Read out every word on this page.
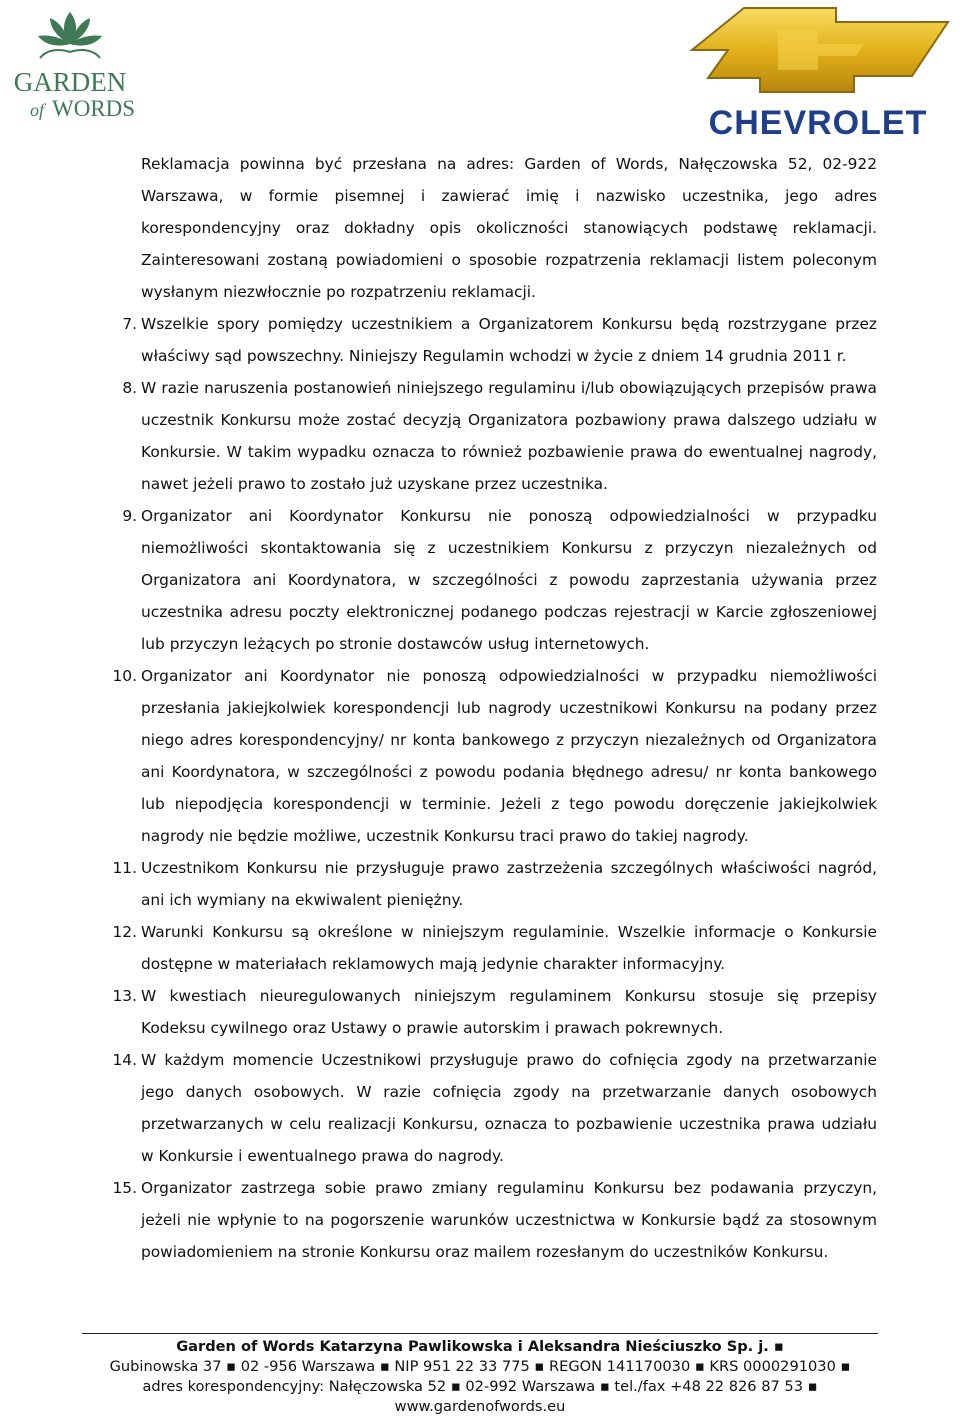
GARDEN
of WORDS	CHEVROLET

Reklamacja powinna być przesłana na adres: Garden of Words, Nałęczowska 52, 02-922 Warszawa, w formie pisemnej i zawierać imię i nazwisko uczestnika, jego adres korespondencyjny oraz dokładny opis okoliczności stanowiących podstawę reklamacji. Zainteresowani zostaną powiadomieni o sposobie rozpatrzenia reklamacji listem poleconym wysłanym niezwłocznie po rozpatrzeniu reklamacji.

7. Wszelkie spory pomiędzy uczestnikiem a Organizatorem Konkursu będą rozstrzygane przez właściwy sąd powszechny. Niniejszy Regulamin wchodzi w życie z dniem 14 grudnia 2011 r.

8. W razie naruszenia postanowień niniejszego regulaminu i/lub obowiązujących przepisów prawa uczestnik Konkursu może zostać decyzją Organizatora pozbawiony prawa dalszego udziału w Konkursie. W takim wypadku oznacza to również pozbawienie prawa do ewentualnej nagrody, nawet jeżeli prawo to zostało już uzyskane przez uczestnika.

9. Organizator ani Koordynator Konkursu nie ponoszą odpowiedzialności w przypadku niemożliwości skontaktowania się z uczestnikiem Konkursu z przyczyn niezależnych od Organizatora ani Koordynatora, w szczególności z powodu zaprzestania używania przez uczestnika adresu poczty elektronicznej podanego podczas rejestracji w Karcie zgłoszeniowej lub przyczyn leżących po stronie dostawców usług internetowych.

10. Organizator ani Koordynator nie ponoszą odpowiedzialności w przypadku niemożliwości przesłania jakiejkolwiek korespondencji lub nagrody uczestnikowi Konkursu na podany przez niego adres korespondencyjny/ nr konta bankowego z przyczyn niezależnych od Organizatora ani Koordynatora, w szczególności z powodu podania błędnego adresu/ nr konta bankowego lub niepodjęcia korespondencji w terminie. Jeżeli z tego powodu doręczenie jakiejkolwiek nagrody nie będzie możliwe, uczestnik Konkursu traci prawo do takiej nagrody.

11. Uczestnikom Konkursu nie przysługuje prawo zastrzeżenia szczególnych właściwości nagród, ani ich wymiany na ekwiwalent pieniężny.

12. Warunki Konkursu są określone w niniejszym regulaminie. Wszelkie informacje o Konkursie dostępne w materiałach reklamowych mają jedynie charakter informacyjny.

13. W kwestiach nieuregulowanych niniejszym regulaminem Konkursu stosuje się przepisy Kodeksu cywilnego oraz Ustawy o prawie autorskim i prawach pokrewnych.

14. W każdym momencie Uczestnikowi przysługuje prawo do cofnięcia zgody na przetwarzanie jego danych osobowych. W razie cofnięcia zgody na przetwarzanie danych osobowych przetwarzanych w celu realizacji Konkursu, oznacza to pozbawienie uczestnika prawa udziału w Konkursie i ewentualnego prawa do nagrody.

15. Organizator zastrzega sobie prawo zmiany regulaminu Konkursu bez podawania przyczyn, jeżeli nie wpłynie to na pogorszenie warunków uczestnictwa w Konkursie bądź za stosownym powiadomieniem na stronie Konkursu oraz mailem rozesłanym do uczestników Konkursu.

Garden of Words Katarzyna Pawlikowska i Aleksandra Nieściuszko Sp. j. ▪
Gubinowska 37 ▪ 02 -956 Warszawa ▪ NIP 951 22 33 775 ▪ REGON 141170030 ▪ KRS 0000291030 ▪
adres korespondencyjny: Nałęczowska 52 ▪ 02-992 Warszawa ▪ tel./fax +48 22 826 87 53 ▪
www.gardenofwords.eu
